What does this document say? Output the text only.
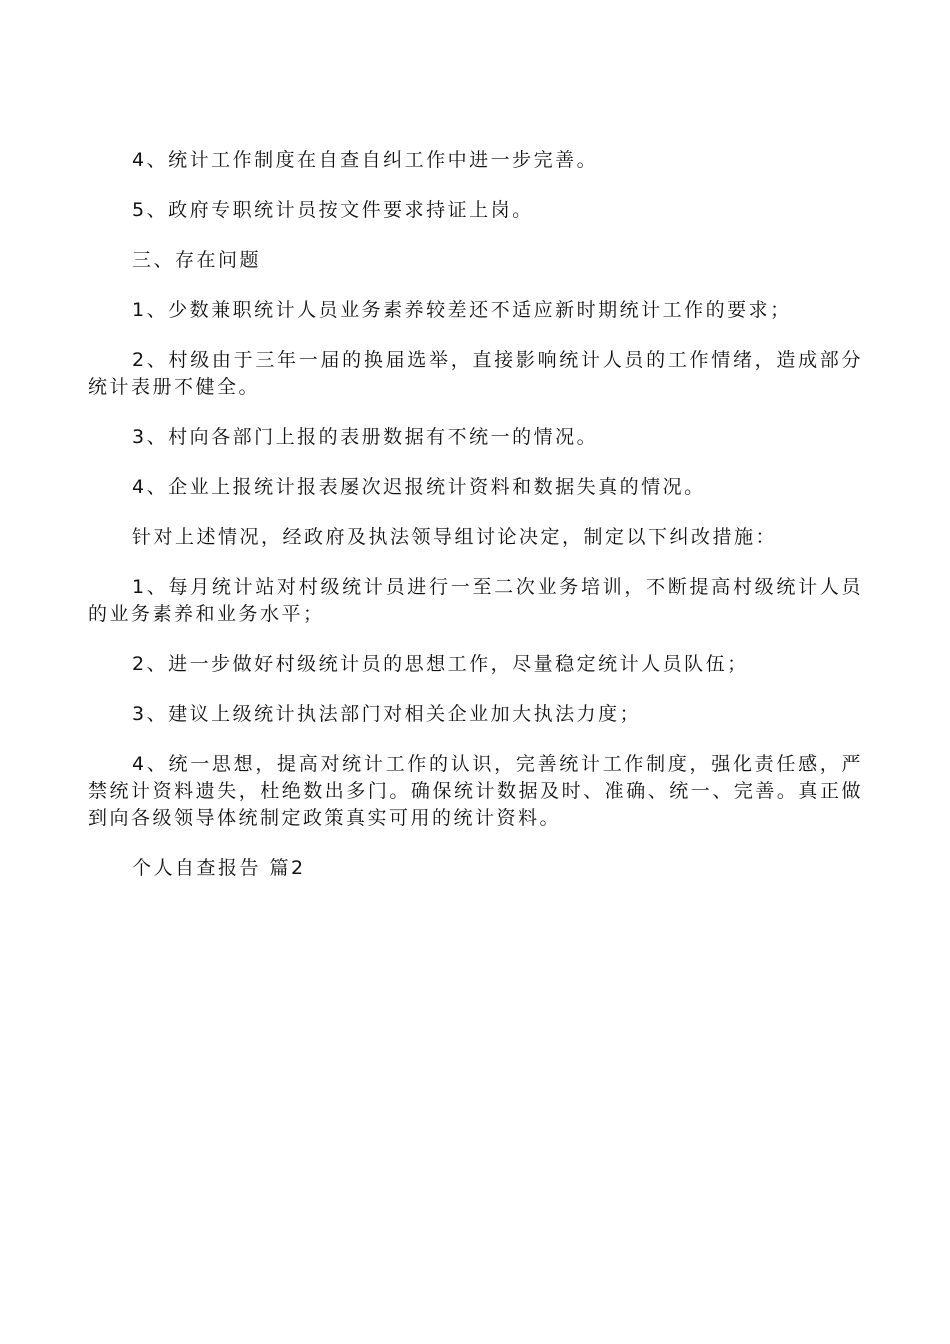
4、统计工作制度在自查自纠工作中进一步完善。

5、政府专职统计员按文件要求持证上岗。

三、存在问题

1、少数兼职统计人员业务素养较差还不适应新时期统计工作的要求；

2、村级由于三年一届的换届选举，直接影响统计人员的工作情绪，造成部分统计表册不健全。

3、村向各部门上报的表册数据有不统一的情况。

4、企业上报统计报表屡次迟报统计资料和数据失真的情况。

针对上述情况，经政府及执法领导组讨论决定，制定以下纠改措施：

1、每月统计站对村级统计员进行一至二次业务培训，不断提高村级统计人员的业务素养和业务水平；

2、进一步做好村级统计员的思想工作，尽量稳定统计人员队伍；

3、建议上级统计执法部门对相关企业加大执法力度；

4、统一思想，提高对统计工作的认识，完善统计工作制度，强化责任感，严禁统计资料遗失，杜绝数出多门。确保统计数据及时、准确、统一、完善。真正做到向各级领导体统制定政策真实可用的统计资料。

个人自查报告 篇2
